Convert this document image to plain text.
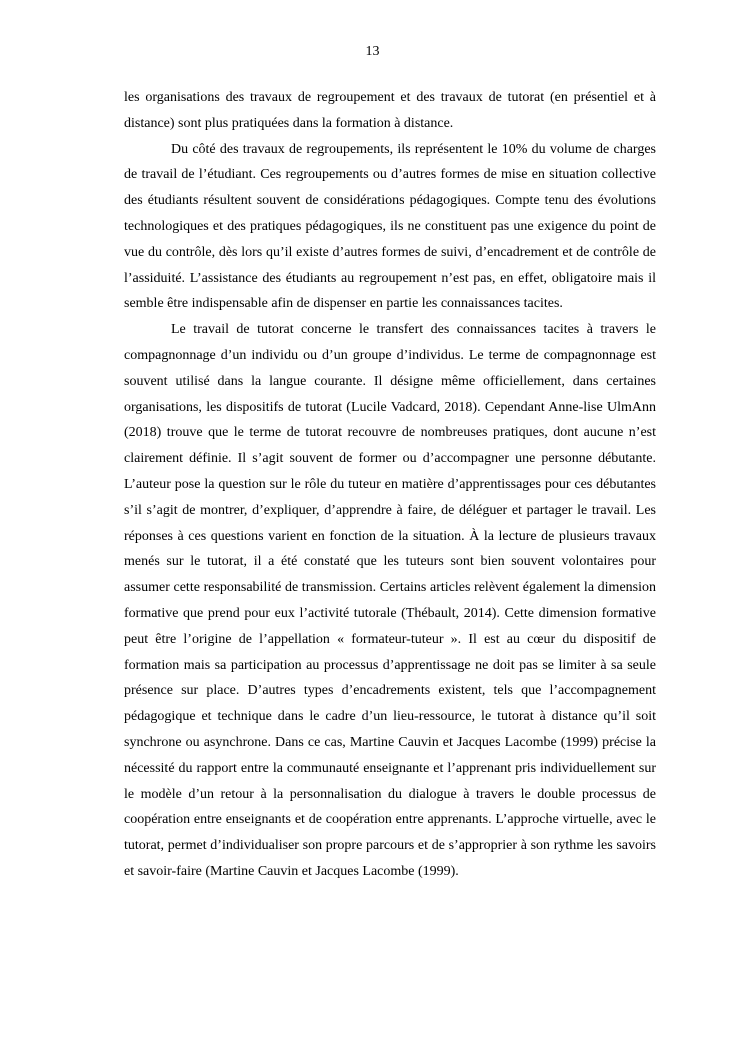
13

les organisations des travaux de regroupement et des travaux de tutorat (en présentiel et à distance) sont plus pratiquées dans la formation à distance.

Du côté des travaux de regroupements, ils représentent le 10% du volume de charges de travail de l’étudiant. Ces regroupements ou d’autres formes de mise en situation collective des étudiants résultent souvent de considérations pédagogiques. Compte tenu des évolutions technologiques et des pratiques pédagogiques, ils ne constituent pas une exigence du point de vue du contrôle, dès lors qu’il existe d’autres formes de suivi, d’encadrement et de contrôle de l’assiduité. L’assistance des étudiants au regroupement n’est pas, en effet, obligatoire mais il semble être indispensable afin de dispenser en partie les connaissances tacites.

Le travail de tutorat concerne le transfert des connaissances tacites à travers le compagnonnage d’un individu ou d’un groupe d’individus. Le terme de compagnonnage est souvent utilisé dans la langue courante. Il désigne même officiellement, dans certaines organisations, les dispositifs de tutorat (Lucile Vadcard, 2018). Cependant Anne-lise UlmAnn (2018) trouve que le terme de tutorat recouvre de nombreuses pratiques, dont aucune n’est clairement définie. Il s’agit souvent de former ou d’accompagner une personne débutante. L’auteur pose la question sur le rôle du tuteur en matière d’apprentissages pour ces débutantes s’il s’agit de montrer, d’expliquer, d’apprendre à faire, de déléguer et partager le travail. Les réponses à ces questions varient en fonction de la situation. À la lecture de plusieurs travaux menés sur le tutorat, il a été constaté que les tuteurs sont bien souvent volontaires pour assumer cette responsabilité de transmission. Certains articles relèvent également la dimension formative que prend pour eux l’activité tutorale (Thébault, 2014). Cette dimension formative peut être l’origine de l’appellation « formateur-tuteur ». Il est au cœur du dispositif de formation mais sa participation au processus d’apprentissage ne doit pas se limiter à sa seule présence sur place. D’autres types d’encadrements existent, tels que l’accompagnement pédagogique et technique dans le cadre d’un lieu-ressource, le tutorat à distance qu’il soit synchrone ou asynchrone. Dans ce cas, Martine Cauvin et Jacques Lacombe (1999) précise la nécessité du rapport entre la communauté enseignante et l’apprenant pris individuellement sur le modèle d’un retour à la personnalisation du dialogue à travers le double processus de coopération entre enseignants et de coopération entre apprenants. L’approche virtuelle, avec le tutorat, permet d’individualiser son propre parcours et de s’approprier à son rythme les savoirs et savoir-faire (Martine Cauvin et Jacques Lacombe (1999).
